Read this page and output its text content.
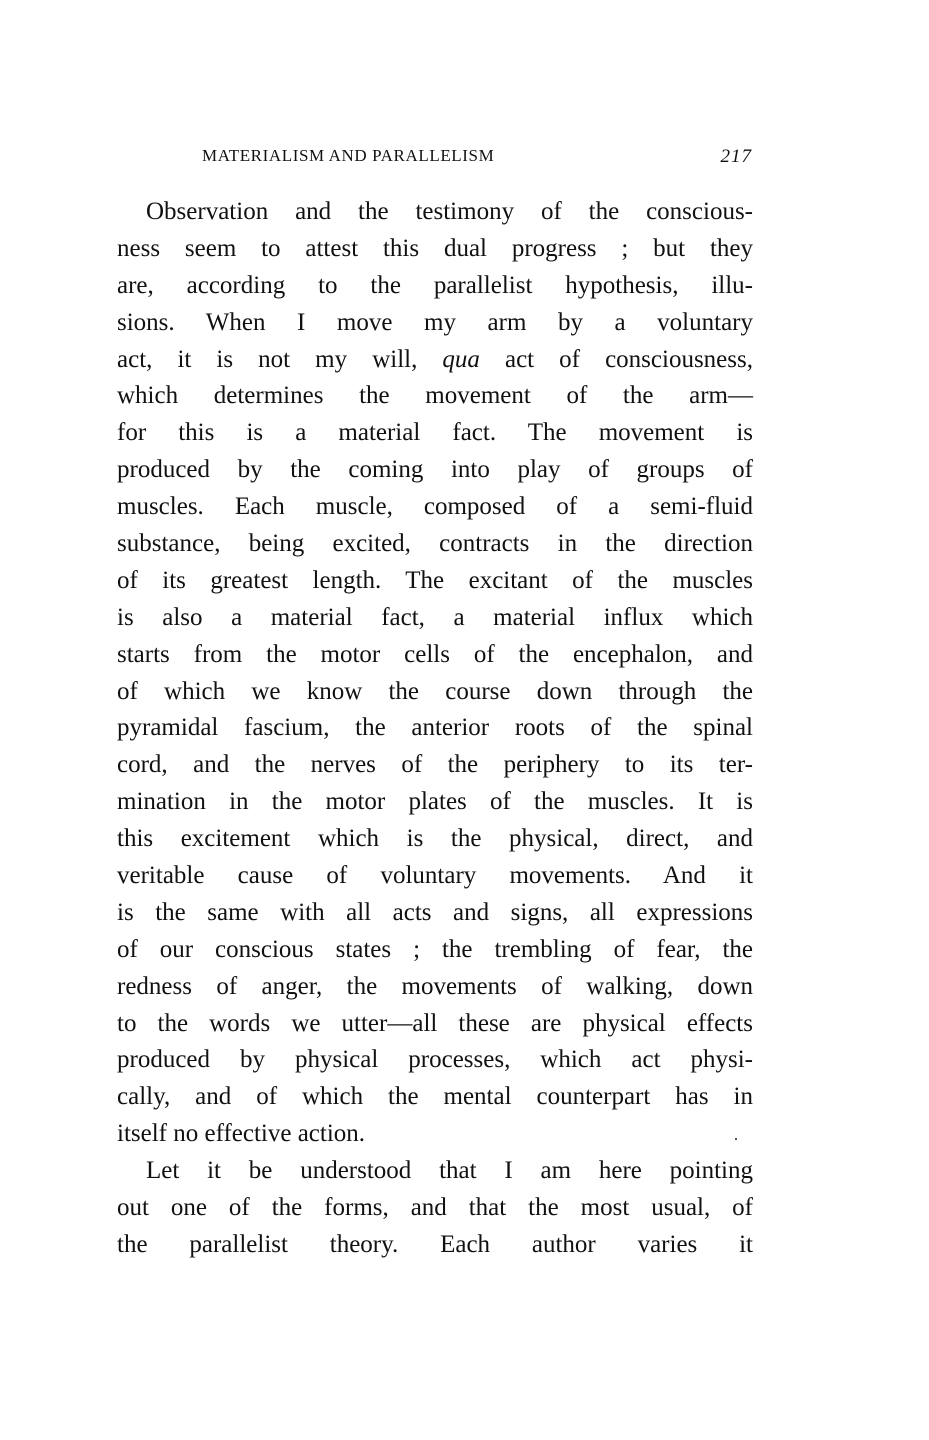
MATERIALISM AND PARALLELISM	217
Observation and the testimony of the conscious-
ness seem to attest this dual progress ; but they
are, according to the parallelist hypothesis, illu-
sions. When I move my arm by a voluntary
act, it is not my will, qua act of consciousness,
which determines the movement of the arm—
for this is a material fact. The movement is
produced by the coming into play of groups of
muscles. Each muscle, composed of a semi-fluid
substance, being excited, contracts in the direction
of its greatest length. The excitant of the muscles
is also a material fact, a material influx which
starts from the motor cells of the encephalon, and
of which we know the course down through the
pyramidal fascium, the anterior roots of the spinal
cord, and the nerves of the periphery to its ter-
mination in the motor plates of the muscles. It is
this excitement which is the physical, direct, and
veritable cause of voluntary movements. And it
is the same with all acts and signs, all expressions
of our conscious states ; the trembling of fear, the
redness of anger, the movements of walking, down
to the words we utter—all these are physical effects
produced by physical processes, which act physi-
cally, and of which the mental counterpart has in
itself no effective action.
Let it be understood that I am here pointing
out one of the forms, and that the most usual, of
the parallelist theory. Each author varies it
